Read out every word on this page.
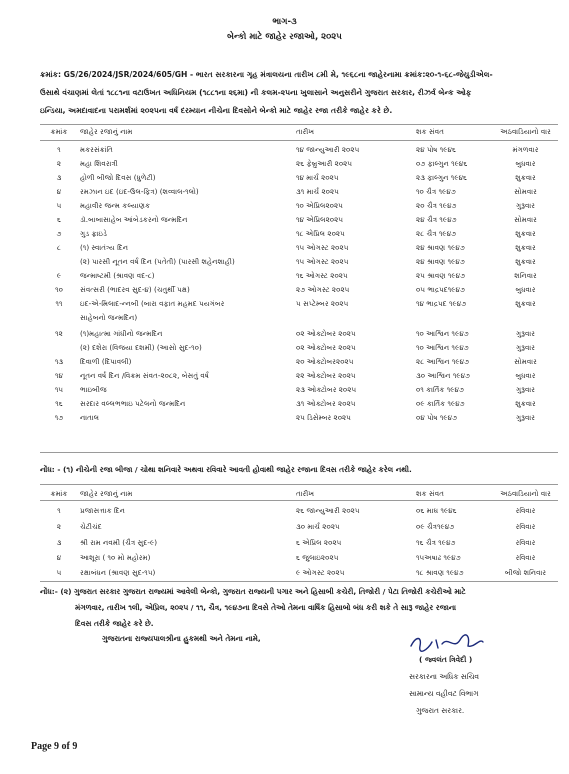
ભાગ-૩
બેન્કો માટે જાહેર રજાઓ, ૨૦૨૫
ક્રમાંક: GS/26/2024/JSR/2024/605/GH - ભારત સરકારના ગૃહ મંત્રાલયના તારીખ ૮મી મે, ૧૯૬૮ના જાહેરનામા ક્રમાંક:૨૦-૧-૬૮-જેયુડીએલ-
ઉસાથે વંચાણમાં લેતાં ૧૮૮૧ના વટાઉખત અધિનિયમ (૧૮૮૧ના ૨૬મા) ની કલમ-૨૫ના ખુલાસાને અનુસરીને ગુજરાત સરકાર, રીઝર્વ બેન્ક ઓફ
ઇન્ડિયા, અમદાવાદના પરામર્શમાં ૨૦૨૫ના વર્ષ દરમ્યાન નીચેના દિવસોને બેન્કો માટે જાહેર રજા તરીકે જાહેર કરે છે.
ક્રમાંક	જાહેર રજાનું નામ	તારીખ	શક સંવત	અઠવાડિયાનો વાર
૧	મકરસંક્રાંતિ	૧૪ જાન્યુઆરી ૨૦૨૫	૨૪ પોષ ૧૯૪૬	મંગળવાર
૨	મહા શિવરાત્રી	૨૬ ફેબ્રુઆરી ૨૦૨૫	૦૭ ફાલ્ગુન ૧૯૪૬	બુધવાર
૩	હોળી બીજો દિવસ (ધુળેટી)	૧૪ માર્ચ ૨૦૨૫	૨૩ ફાલ્ગુન ૧૯૪૬	શુક્રવાર
૪	રમઝાન ઇદ (ઇદ-ઉલ-ફિત્ર) (શવ્વાલ-૧લો)	૩૧ માર્ચ ૨૦૨૫	૧૦ ચૈત્ર ૧૯૪૭	સોમવાર
૫	મહાવીર જન્મ કલ્યાણક	૧૦ એપ્રિલ૨૦૨૫	૨૦ ચૈત્ર ૧૯૪૭	ગુરૂવાર
૬	ડૉ.બાબાસાહેબ આંબેડકરનો જન્મદિન	૧૪ એપ્રિલ૨૦૨૫	૨૪ ચૈત્ર ૧૯૪૭	સોમવાર
૭	ગુડ ફ્રાઇડે	૧૮ એપ્રિલ ૨૦૨૫	૨૮ ચૈત્ર ૧૯૪૭	શુક્રવાર
૮	(૧) સ્વાતંત્ર્ય દિન	૧૫ ઓગસ્ટ ૨૦૨૫	૨૪ શ્રાવણ ૧૯૪૭	શુક્રવાર
(૨) પારસી નૂતન વર્ષ દિન (પતેતી) (પારસી શહેનશાહી)	૧૫ ઓગસ્ટ ૨૦૨૫	૨૪ શ્રાવણ ૧૯૪૭	શુક્રવાર
૯	જન્માષ્ટમી (શ્રાવણ વદ-૮)	૧૬ ઓગસ્ટ ૨૦૨૫	૨૫ શ્રાવણ ૧૯૪૭	શનિવાર
૧૦	સંવત્સરી (ભાદરવ સુદ-૪) (ચતુર્થી પક્ષ)	૨૭ ઓગસ્ટ ૨૦૨૫	૦૫ ભાદ્રપદ૧૯૪૭	બુધવાર
૧૧	ઇદ-એ-મિલાદ-ન્નબી (બારા વફાત મહમદ પયગંબર	૫ સપ્ટેમ્બર ૨૦૨૫	૧૪ ભાદ્રપદ ૧૯૪૭	શુક્રવાર
સાહેબનો જન્મદિન)
૧૨	(૧)મહાત્મા ગાંધીનો જન્મદિન	૦૨ ઓક્ટોબર ૨૦૨૫	૧૦ આશ્વિન ૧૯૪૭	ગુરૂવાર
(૨) દશેરા (વિજયા દશમી) (આસો સુદ-૧૦)	૦૨ ઓક્ટોબર ૨૦૨૫	૧૦ આશ્વિન ૧૯૪૭	ગુરૂવાર
૧૩	દિવાળી (દિપાવલી)	૨૦ ઓક્ટોબર૨૦૨૫	૨૮ આશ્વિન ૧૯૪૭	સોમવાર
૧૪	નૂતન વર્ષ દિન /વિક્રમ સંવત-૨૦૮૨, બેસતું વર્ષ	૨૨ ઓક્ટોબર ૨૦૨૫	૩૦ આશ્વિન ૧૯૪૭	બુધવાર
૧૫	ભાઇબીજ	૨૩ ઓક્ટોબર ૨૦૨૫	૦૧ કાર્તિક ૧૯૪૭	ગુરૂવાર
૧૬	સરદાર વલ્લભભાઇ પટેલનો જન્મદિન	૩૧ ઓક્ટોબર ૨૦૨૫	૦૯ કાર્તિક ૧૯૪૭	શુક્રવાર
૧૭	નાતાલ	૨૫ ડિસેમ્બર ૨૦૨૫	૦૪ પોષ ૧૯૪૭	ગુરૂવાર
નોંધ: - (૧) નીચેની રજા બીજા / ચોથા શનિવારે અથવા રવિવારે આવતી હોવાથી જાહેર રજાના દિવસ તરીકે જાહેર કરેલ નથી.
ક્રમાંક	જાહેર રજાનું નામ	તારીખ	શક સંવત	અઠવાડિયાનો વાર
૧	પ્રજાસત્તાક દિન	૨૬ જાન્યુઆરી ૨૦૨૫	૦૬ માઘ ૧૯૪૬	રવિવાર
૨	ચેટીચંદ	૩૦ માર્ચ ૨૦૨૫	૦૯ ચૈત્ર૧૯૪૭	રવિવાર
૩	શ્રી રામ નવમી (ચૈત્ર સુદ-૯)	૬ એપ્રિલ ૨૦૨૫	૧૬ ચૈત્ર ૧૯૪૭	રવિવાર
૪	આશૂરા ( ૧૦ મો મહોરમ)	૬ જુલાઇ૨૦૨૫	૧૫અષાઢ ૧૯૪૭	રવિવાર
૫	રક્ષાબંધન (શ્રાવણ સુદ-૧૫)	૯ ઓગસ્ટ ૨૦૨૫	૧૮ શ્રાવણ ૧૯૪૭	બીજો શનિવાર
નોંધ:- (૨) ગુજરાત સરકાર ગુજરાત રાજ્યમાં આવેલી બેન્કો, ગુજરાત રાજ્યની પગાર અને હિસાબી કચેરી, તિજોરી / પેટા તિજોરી કચેરીઓ માટે
મંગળવાર, તારીખ ૧લી, એપ્રિલ, ૨૦૨૫ / ૧૧, ચૈત્ર, ૧૯૪૭ના દિવસે તેઓ તેમના વાર્ષિક હિસાબો બંધ કરી શકે તે સારૂ જાહેર રજાના
દિવસ તરીકે જાહેર કરે છે.
ગુજરાતના રાજ્યપાલશ્રીના હુકમથી અને તેમના નામે,
( જ્વલંત ત્રિવેદી )
સરકારના અધિક સચિવ
સામાન્ય વહીવટ વિભાગ
ગુજરાત સરકાર.
Page 9 of 9
